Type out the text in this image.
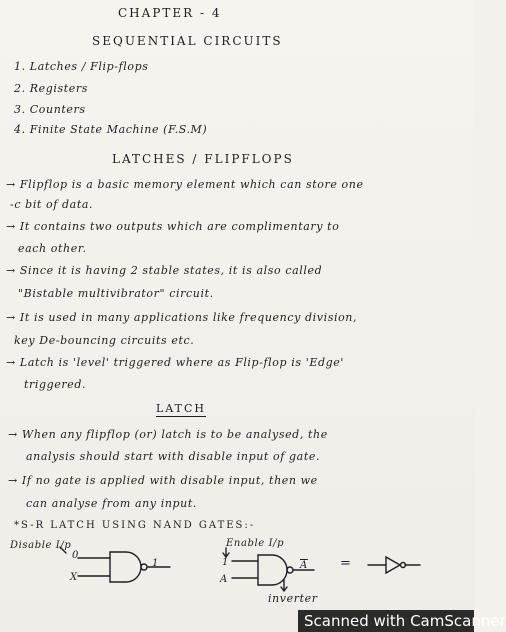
CHAPTER - 4
SEQUENTIAL CIRCUITS
1. Latches / Flip-flops
2. Registers
3. Counters
4. Finite State Machine (F.S.M)
LATCHES / FLIPFLOPS
→ Flipflop is a basic memory element which can store one
-c bit of data.
→ It contains two outputs which are complimentary to
each other.
→ Since it is having 2 stable states, it is also called
"Bistable multivibrator" circuit.
→ It is used in many applications like frequency division,
key De-bouncing circuits etc.
→ Latch is 'level' triggered where as Flip-flop is 'Edge'
triggered.
LATCH
→ When any flipflop (or) latch is to be analysed, the
analysis should start with disable input of gate.
→ If no gate is applied with disable input, then we
can analyse from any input.
*S-R LATCH USING NAND GATES:-
Disable I/p
0
X
1
Enable I/p
1
A
$\overline{A}$ =
inverter
Scanned with CamScanner
